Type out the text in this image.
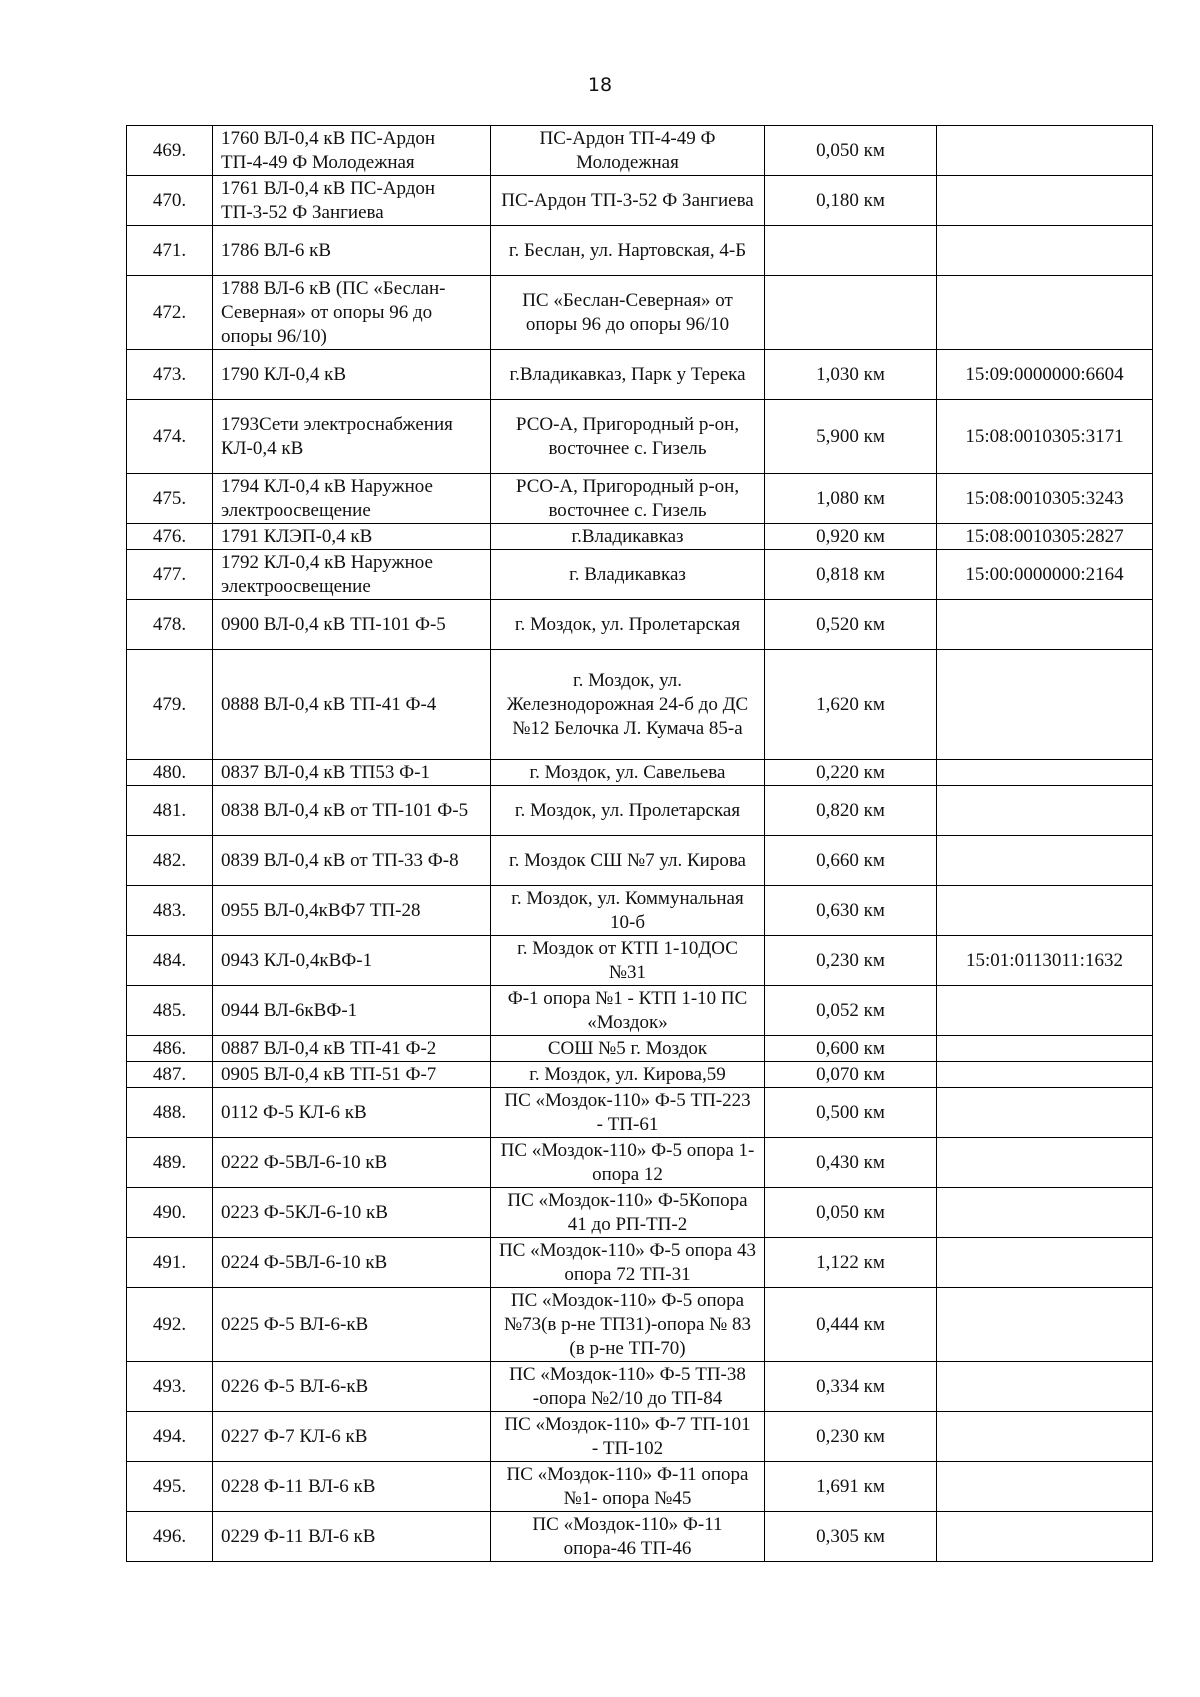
18
469.	1760 ВЛ-0,4 кВ ПС-Ардон ТП-4-49 Ф Молодежная	ПС-Ардон ТП-4-49 Ф Молодежная	0,050 км	
470.	1761 ВЛ-0,4 кВ ПС-Ардон ТП-3-52 Ф Зангиева	ПС-Ардон ТП-3-52 Ф Зангиева	0,180 км	
471.	1786 ВЛ-6 кВ	г. Беслан, ул. Нартовская, 4-Б		
472.	1788 ВЛ-6 кВ (ПС «Беслан-Северная» от опоры 96 до опоры 96/10)	ПС «Беслан-Северная» от опоры 96 до опоры 96/10		
473.	1790 КЛ-0,4 кВ	г.Владикавказ, Парк у Терека	1,030 км	15:09:0000000:6604
474.	1793Сети электроснабжения КЛ-0,4 кВ	РСО-А, Пригородный р-он, восточнее с. Гизель	5,900 км	15:08:0010305:3171
475.	1794 КЛ-0,4 кВ Наружное электроосвещение	РСО-А, Пригородный р-он, восточнее с. Гизель	1,080 км	15:08:0010305:3243
476.	1791 КЛЭП-0,4 кВ	г.Владикавказ	0,920 км	15:08:0010305:2827
477.	1792 КЛ-0,4 кВ Наружное электроосвещение	г. Владикавказ	0,818 км	15:00:0000000:2164
478.	0900 ВЛ-0,4 кВ ТП-101 Ф-5	г. Моздок, ул. Пролетарская	0,520 км	
479.	0888 ВЛ-0,4 кВ ТП-41 Ф-4	г. Моздок, ул. Железнодорожная 24-б до ДС №12 Белочка Л. Кумача 85-а	1,620 км	
480.	0837 ВЛ-0,4 кВ ТП53 Ф-1	г. Моздок, ул. Савельева	0,220 км	
481.	0838 ВЛ-0,4 кВ от ТП-101 Ф-5	г. Моздок, ул. Пролетарская	0,820 км	
482.	0839 ВЛ-0,4 кВ от ТП-33 Ф-8	г. Моздок СШ №7 ул. Кирова	0,660 км	
483.	0955 ВЛ-0,4кВФ7 ТП-28	г. Моздок, ул. Коммунальная 10-б	0,630 км	
484.	0943 КЛ-0,4кВФ-1	г. Моздок от КТП 1-10ДОС №31	0,230 км	15:01:0113011:1632
485.	0944 ВЛ-6кВФ-1	Ф-1 опора №1 - КТП 1-10 ПС «Моздок»	0,052 км	
486.	0887 ВЛ-0,4 кВ ТП-41 Ф-2	СОШ №5 г. Моздок	0,600 км	
487.	0905 ВЛ-0,4 кВ ТП-51 Ф-7	г. Моздок, ул. Кирова,59	0,070 км	
488.	0112 Ф-5 КЛ-6 кВ	ПС «Моздок-110» Ф-5 ТП-223 - ТП-61	0,500 км	
489.	0222 Ф-5ВЛ-6-10 кВ	ПС «Моздок-110» Ф-5 опора 1-опора 12	0,430 км	
490.	0223 Ф-5КЛ-6-10 кВ	ПС «Моздок-110» Ф-5Копора 41 до РП-ТП-2	0,050 км	
491.	0224 Ф-5ВЛ-6-10 кВ	ПС «Моздок-110» Ф-5 опора 43 опора 72 ТП-31	1,122 км	
492.	0225 Ф-5 ВЛ-6-кВ	ПС «Моздок-110» Ф-5 опора №73(в р-не ТП31)-опора № 83 (в р-не ТП-70)	0,444 км	
493.	0226 Ф-5 ВЛ-6-кВ	ПС «Моздок-110» Ф-5 ТП-38 -опора №2/10 до ТП-84	0,334 км	
494.	0227 Ф-7 КЛ-6 кВ	ПС «Моздок-110» Ф-7 ТП-101 - ТП-102	0,230 км	
495.	0228 Ф-11 ВЛ-6 кВ	ПС «Моздок-110» Ф-11 опора №1- опора №45	1,691 км	
496.	0229 Ф-11 ВЛ-6 кВ	ПС «Моздок-110» Ф-11 опора-46 ТП-46	0,305 км	
